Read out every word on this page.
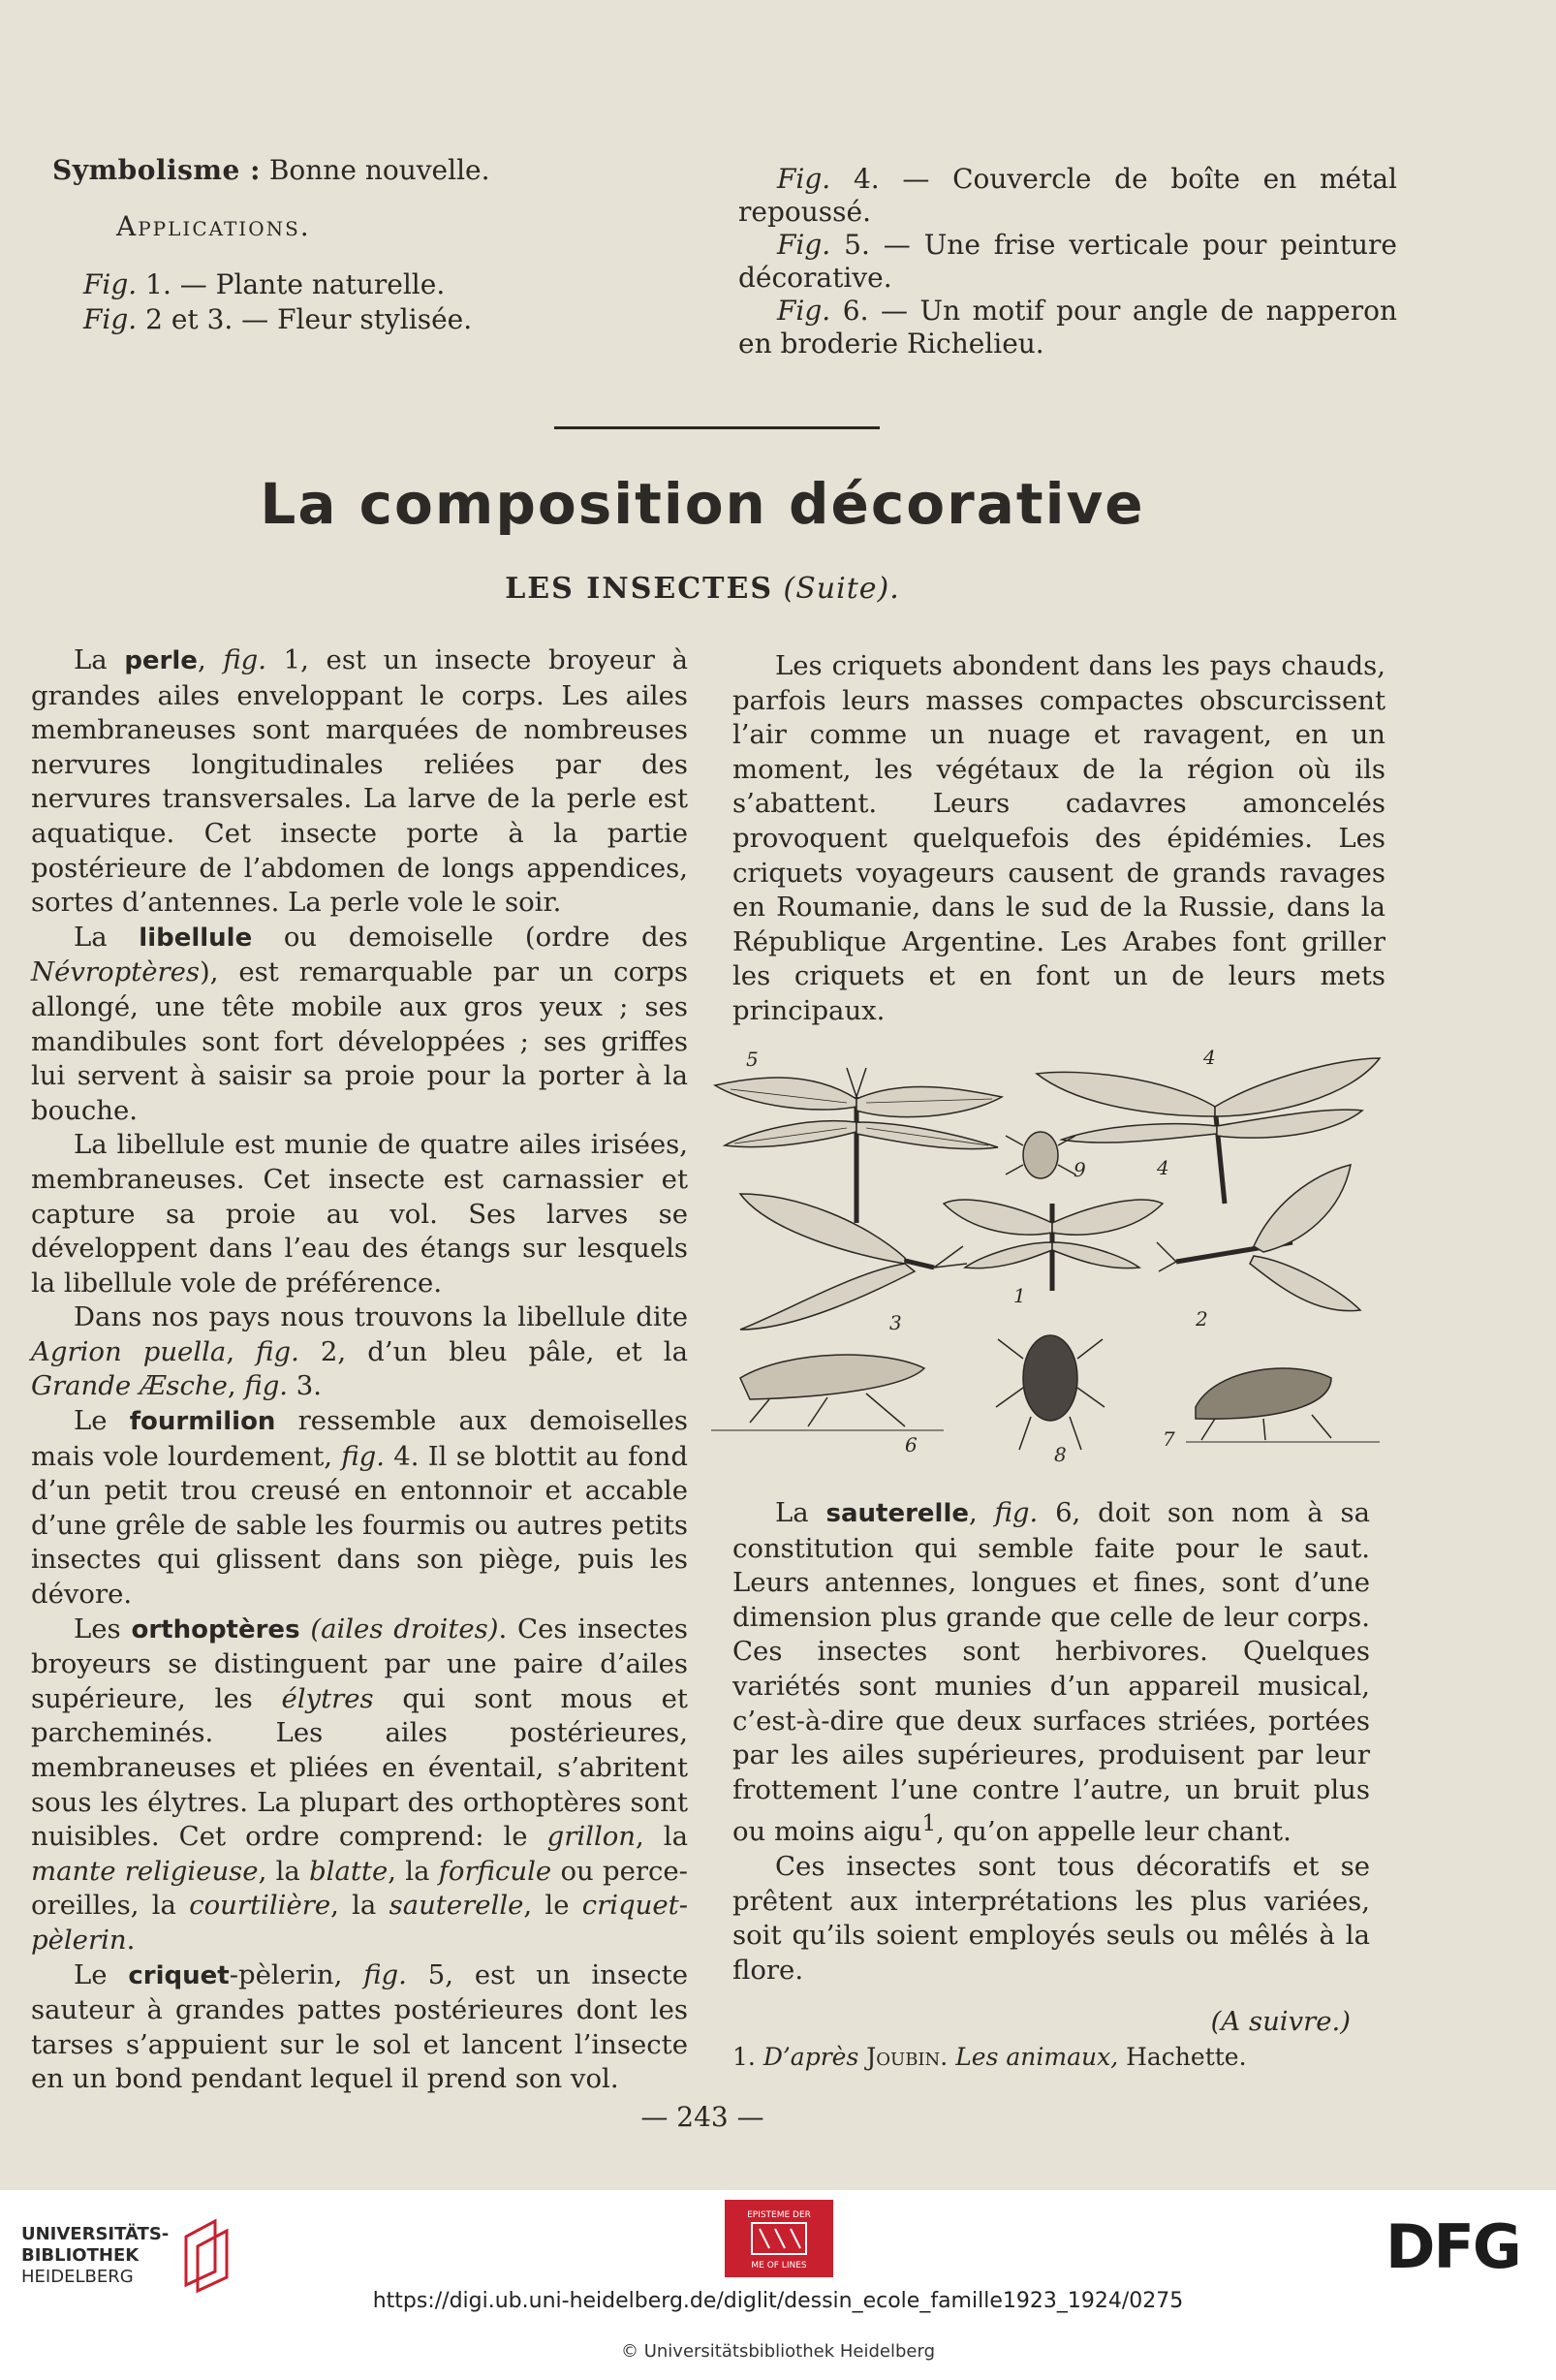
Symbolisme : Bonne nouvelle.
Applications.
Fig. 1. — Plante naturelle.
Fig. 2 et 3. — Fleur stylisée.

Fig. 4. — Couvercle de boîte en métal repoussé.

Fig. 5. — Une frise verticale pour peinture décorative.

Fig. 6. — Un motif pour angle de napperon en broderie Richelieu.

La composition décorative
LES INSECTES (Suite).

La perle, fig. 1, est un insecte broyeur à grandes ailes enveloppant le corps. Les ailes membraneuses sont marquées de nombreuses nervures longitudinales reliées par des nervures transversales. La larve de la perle est aquatique. Cet insecte porte à la partie postérieure de l’abdomen de longs appendices, sortes d’antennes. La perle vole le soir.

La libellule ou demoiselle (ordre des Névroptères), est remarquable par un corps allongé, une tête mobile aux gros yeux ; ses mandibules sont fort développées ; ses griffes lui servent à saisir sa proie pour la porter à la bouche.

La libellule est munie de quatre ailes irisées, membraneuses. Cet insecte est carnassier et capture sa proie au vol. Ses larves se développent dans l’eau des étangs sur lesquels la libellule vole de préférence.

Dans nos pays nous trouvons la libellule dite Agrion puella, fig. 2, d’un bleu pâle, et la Grande Æsche, fig. 3.

Le fourmilion ressemble aux demoiselles mais vole lourdement, fig. 4. Il se blottit au fond d’un petit trou creusé en entonnoir et accable d’une grêle de sable les fourmis ou autres petits insectes qui glissent dans son piège, puis les dévore.

Les orthoptères (ailes droites). Ces insectes broyeurs se distinguent par une paire d’ailes supérieure, les élytres qui sont mous et parcheminés. Les ailes postérieures, membraneuses et pliées en éventail, s’abritent sous les élytres. La plupart des orthoptères sont nuisibles. Cet ordre comprend: le grillon, la mante religieuse, la blatte, la forficule ou perce-oreilles, la courtilière, la sauterelle, le criquet-pèlerin.

Le criquet-pèlerin, fig. 5, est un insecte sauteur à grandes pattes postérieures dont les tarses s’appuient sur le sol et lancent l’insecte en un bond pendant lequel il prend son vol.

Les criquets abondent dans les pays chauds, parfois leurs masses compactes obscurcissent l’air comme un nuage et ravagent, en un moment, les végétaux de la région où ils s’abattent. Leurs cadavres amoncelés provoquent quelquefois des épidémies. Les criquets voyageurs causent de grands ravages en Roumanie, dans le sud de la Russie, dans la République Argentine. Les Arabes font griller les criquets et en font un de leurs mets principaux.

5	4
9	4
3
1
2
6	8
7

La sauterelle, fig. 6, doit son nom à sa constitution qui semble faite pour le saut. Leurs antennes, longues et fines, sont d’une dimension plus grande que celle de leur corps. Ces insectes sont herbivores. Quelques variétés sont munies d’un appareil musical, c’est-à-dire que deux surfaces striées, portées par les ailes supérieures, produisent par leur frottement l’une contre l’autre, un bruit plus ou moins aigu$^1$, qu’on appelle leur chant.

Ces insectes sont tous décoratifs et se prêtent aux interprétations les plus variées, soit qu’ils soient employés seuls ou mêlés à la flore.

(A suivre.)

1. D’après Joubin. Les animaux, Hachette.

— 243 —
UNIVERSITÄTS-
BIBLIOTHEK
HEIDELBERG
EPISTEME DER
ME OF LINES	DFG
https://digi.ub.uni-heidelberg.de/diglit/dessin_ecole_famille1923_1924/0275
© Universitätsbibliothek Heidelberg
